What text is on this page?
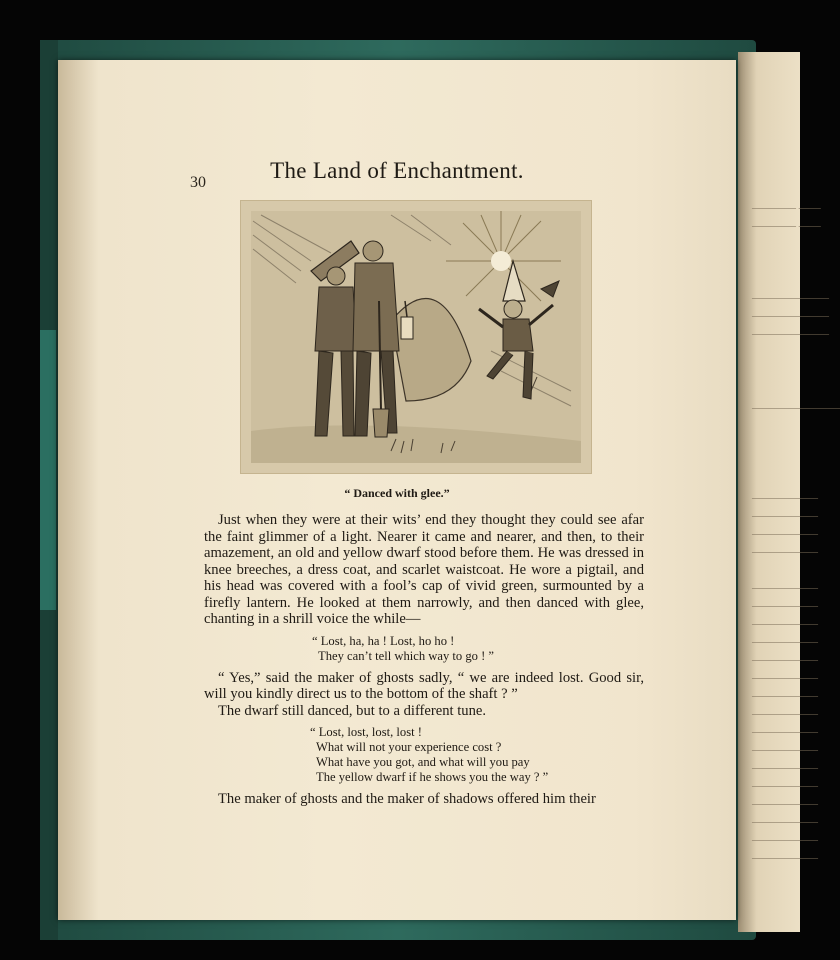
———— ——
———— ——
———————
———————
———————
————————
——————
——————
——————
——————
——————
——————
——————
——————
——————
——————
——————
——————
——————
——————
——————
——————
——————
——————
——————
——————
30	The Land of Enchantment.
“ Danced with glee.”

Just when they were at their wits’ end they thought they could see afar the faint glimmer of a light. Nearer it came and nearer, and then, to their amazement, an old and yellow dwarf stood before them. He was dressed in knee breeches, a dress coat, and scarlet waistcoat. He wore a pigtail, and his head was covered with a fool’s cap of vivid green, surmounted by a firefly lantern. He looked at them narrowly, and then danced with glee, chanting in a shrill voice the while—

“ Lost, ha, ha ! Lost, ho ho !
They can’t tell which way to go ! ”

“ Yes,” said the maker of ghosts sadly, “ we are indeed lost. Good sir, will you kindly direct us to the bottom of the shaft ? ”

The dwarf still danced, but to a different tune.

“ Lost, lost, lost, lost !
What will not your experience cost ?
What have you got, and what will you pay
The yellow dwarf if he shows you the way ? ”

The maker of ghosts and the maker of shadows offered him their
